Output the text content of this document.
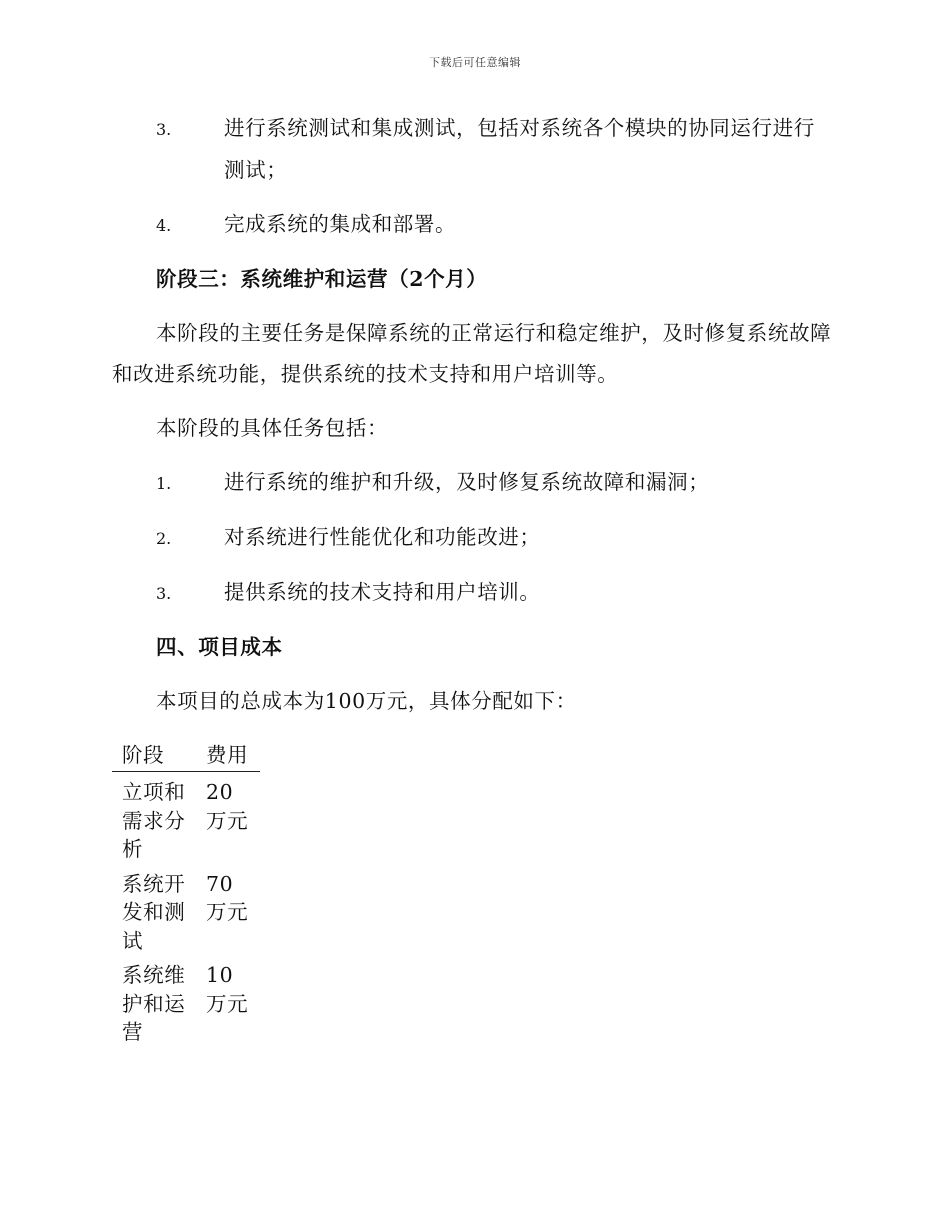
下载后可任意编辑
3.	进行系统测试和集成测试，包括对系统各个模块的协同运行进行测试；
4.	完成系统的集成和部署。
阶段三：系统维护和运营（2个月）

本阶段的主要任务是保障系统的正常运行和稳定维护，及时修复系统故障和改进系统功能，提供系统的技术支持和用户培训等。

本阶段的具体任务包括：

1.	进行系统的维护和升级，及时修复系统故障和漏洞；
2.	对系统进行性能优化和功能改进；
3.	提供系统的技术支持和用户培训。
四、项目成本

本项目的总成本为100万元，具体分配如下：

阶段	费用
立项和需求分析	20万元
系统开发和测试	70万元
系统维护和运营	10万元
